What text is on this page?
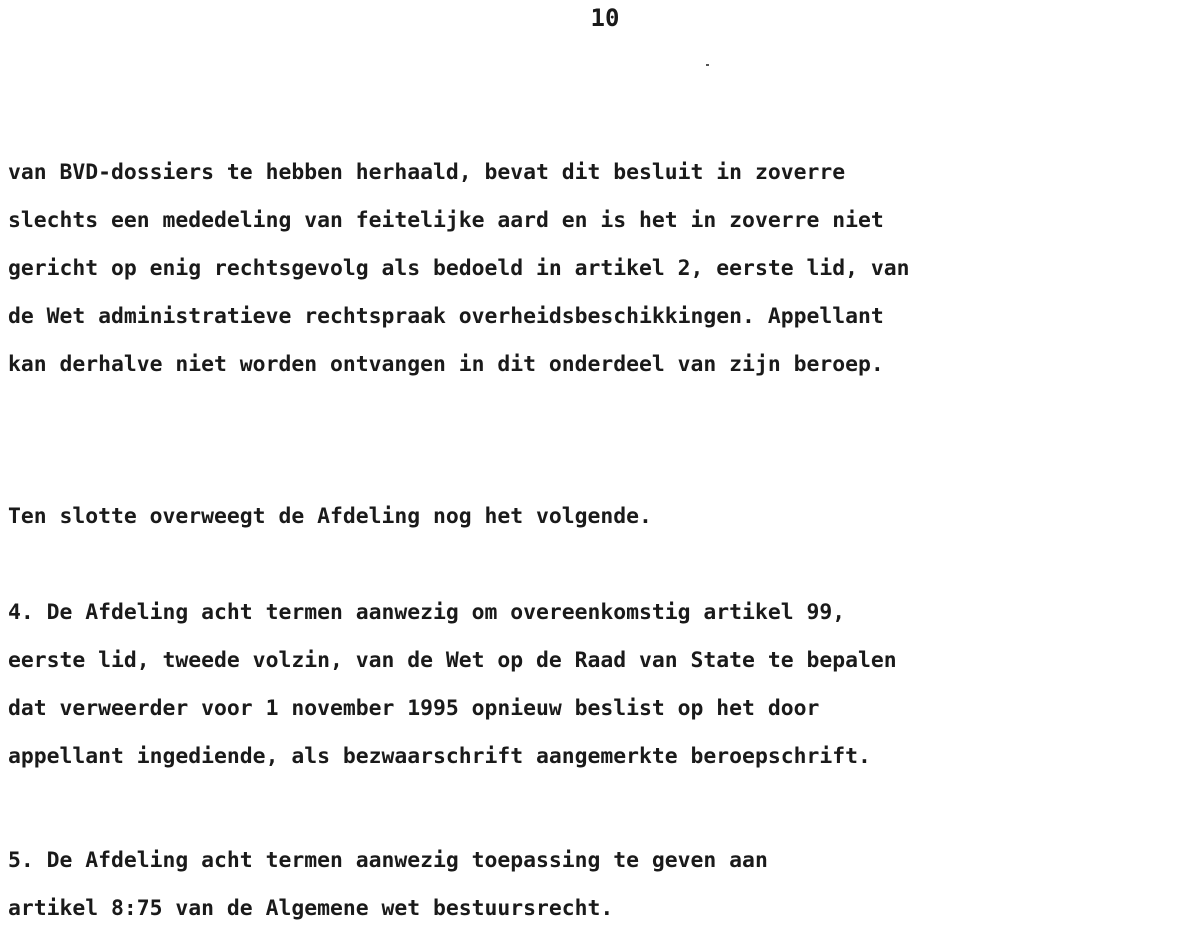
10
van BVD-dossiers te hebben herhaald, bevat dit besluit in zoverre
slechts een mededeling van feitelijke aard en is het in zoverre niet
gericht op enig rechtsgevolg als bedoeld in artikel 2, eerste lid, van
de Wet administratieve rechtspraak overheidsbeschikkingen. Appellant
kan derhalve niet worden ontvangen in dit onderdeel van zijn beroep.
Ten slotte overweegt de Afdeling nog het volgende.
4. De Afdeling acht termen aanwezig om overeenkomstig artikel 99,
eerste lid, tweede volzin, van de Wet op de Raad van State te bepalen
dat verweerder voor 1 november 1995 opnieuw beslist op het door
appellant ingediende, als bezwaarschrift aangemerkte beroepschrift.
5. De Afdeling acht termen aanwezig toepassing te geven aan
artikel 8:75 van de Algemene wet bestuursrecht.
